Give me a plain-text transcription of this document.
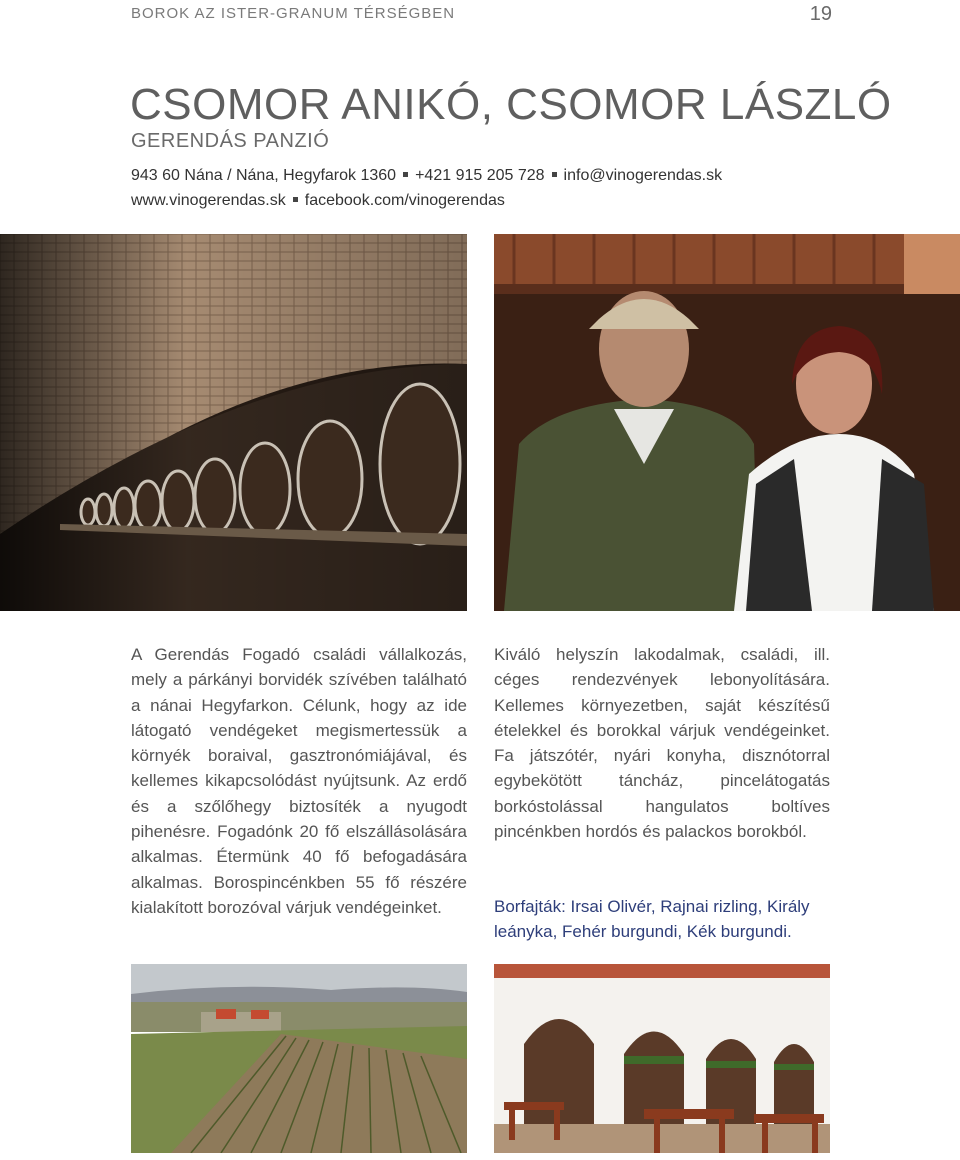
BOROK AZ ISTER-GRANUM TÉRSÉGBEN	19
CSOMOR ANIKÓ, CSOMOR LÁSZLÓ
GERENDÁS PANZIÓ
943 60 Nána / Nána, Hegyfarok 1360 +421 915 205 728 info@vinogerendas.sk
www.vinogerendas.sk facebook.com/vinogerendas
A Gerendás Fogadó családi vállalkozás, mely a párkányi borvidék szívében található a nánai Hegyfarkon. Célunk, hogy az ide látogató vendégeket megismertessük a környék boraival, gasztronómiájával, és kellemes kikapcsolódást nyújtsunk. Az erdő és a szőlőhegy biztosíték a nyugodt pihenésre. Fogadónk 20 fő elszállásolására alkalmas. Étermünk 40 fő befogadására alkalmas. Borospincénkben 55 fő részére kialakított borozóval várjuk vendégeinket.
Kiváló helyszín lakodalmak, családi, ill. céges rendezvények lebonyolítására. Kellemes környezetben, saját készítésű ételekkel és borokkal várjuk vendégeinket. Fa játszótér, nyári konyha, disznótorral egybekötött táncház, pincelátogatás borkóstolással hangulatos boltíves pincénkben hordós és palackos borokból.
Borfajták: Irsai Olivér, Rajnai rizling, Király leányka, Fehér burgundi, Kék burgundi.
